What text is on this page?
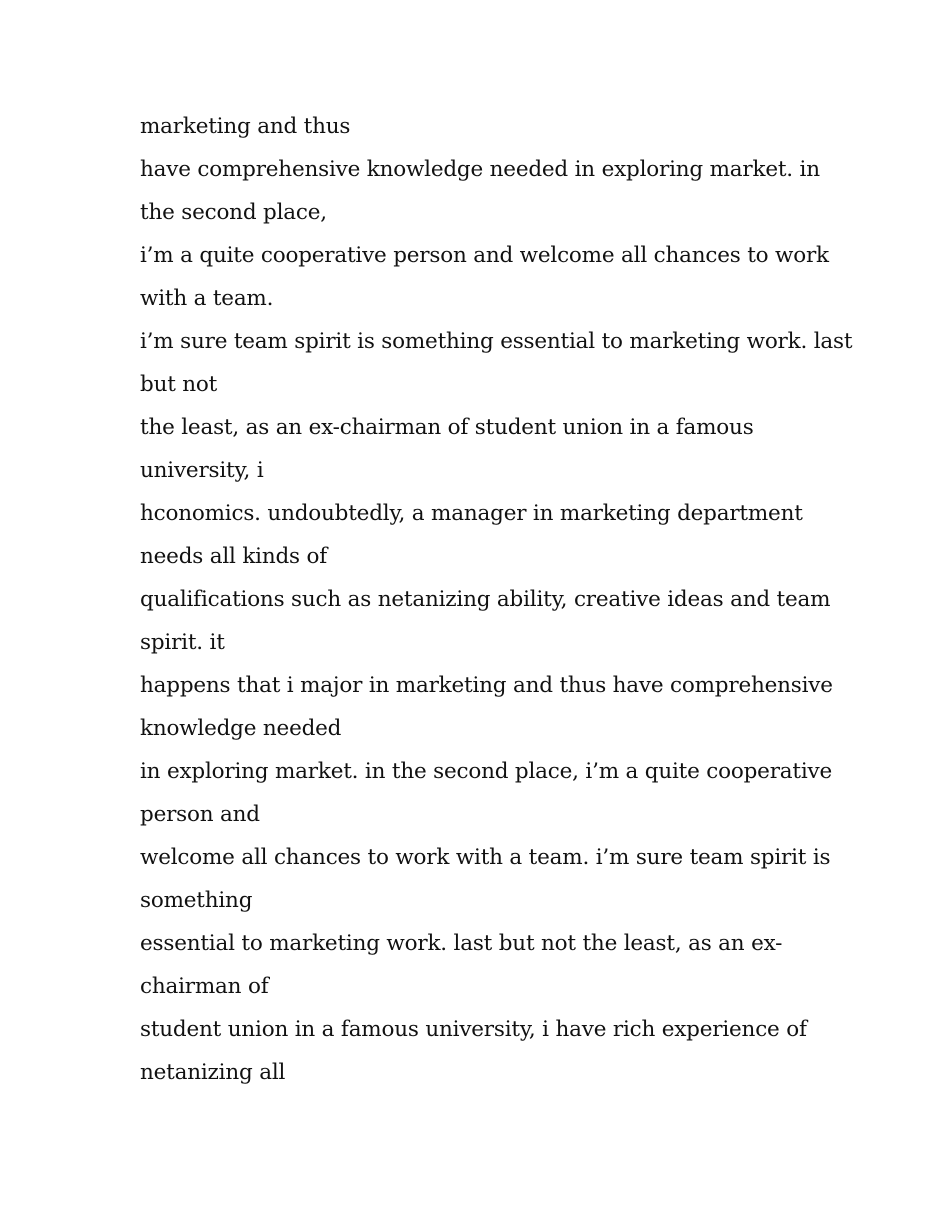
marketing and thus
have comprehensive knowledge needed in exploring market. in
the second place,
i’m a quite cooperative person and welcome all chances to work
with a team.
i’m sure team spirit is something essential to marketing work. last
but not
the least, as an ex-chairman of student union in a famous
university, i
hconomics. undoubtedly, a manager in marketing department
needs all kinds of
qualifications such as netanizing ability, creative ideas and team
spirit. it
happens that i major in marketing and thus have comprehensive
knowledge needed
in exploring market. in the second place, i’m a quite cooperative
person and
welcome all chances to work with a team. i’m sure team spirit is
something
essential to marketing work. last but not the least, as an ex-
chairman of
student union in a famous university, i have rich experience of
netanizing all
